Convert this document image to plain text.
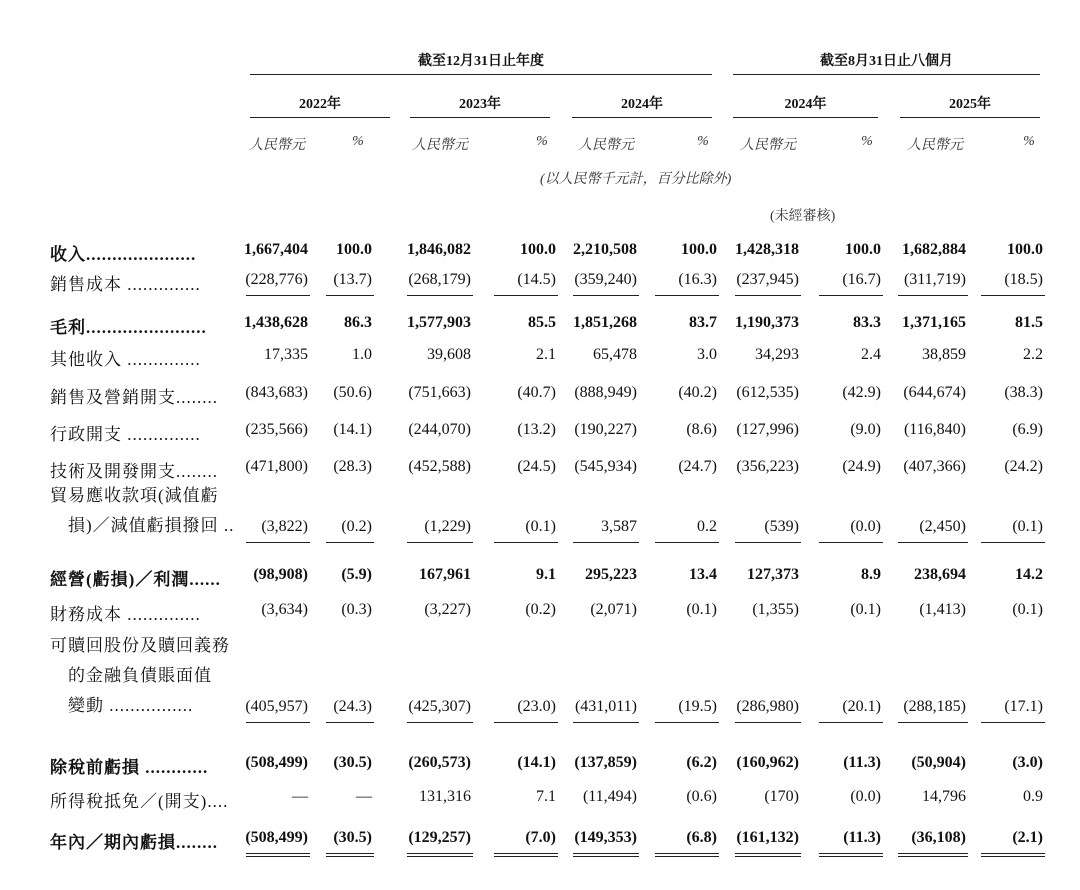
截至12月31日止年度	截至8月31日止八個月
2022年	2023年	2024年	2024年	2025年
人民幣元	%	人民幣元	%	人民幣元	%	人民幣元	%	人民幣元	%
(以人民幣千元計，百分比除外)
(未經審核)
收入.....................	1,667,404 100.0 1,846,082	100.0 2,210,508	100.0 1,428,318	100.0 1,682,884	100.0
銷售成本 ..............	(228,776) (13.7) (268,179)	(14.5) (359,240)	(16.3) (237,945)	(16.7) (311,719) (18.5)
毛利....................... 1,438,628 86.3 1,577,903	85.5 1,851,268	83.7 1,190,373	83.3 1,371,165	81.5
其他收入 ..............	17,335	1.0	39,608	2.1 65,478	3.0 34,293	2.4	38,859	2.2
銷售及營銷開支........ (843,683) (50.6) (751,663)	(40.7) (888,949)	(40.2) (612,535)	(42.9) (644,674) (38.3)
行政開支 ..............	(235,566) (14.1) (244,070)	(13.2) (190,227)	(8.6) (127,996)	(9.0) (116,840)	(6.9)
技術及開發開支........ (471,800) (28.3) (452,588)	(24.5) (545,934)	(24.7) (356,223)	(24.9) (407,366) (24.2)
貿易應收款項(減值虧
　損)／減值虧損撥回 .. (3,822) (0.2)	(1,229)	(0.1)	3,587	0.2	(539)	(0.0) (2,450)	(0.1)
經營(虧損)／利潤...... (98,908) (5.9)	167,961	9.1 295,223	13.4 127,373	8.9 238,694	14.2
財務成本 ..............	(3,634) (0.3)	(3,227)	(0.2) (2,071)	(0.1) (1,355)	(0.1) (1,413)	(0.1)
可贖回股份及贖回義務
　的金融負債賬面值
　變動 ................	(405,957) (24.3) (425,307)	(23.0) (431,011)	(19.5) (286,980)	(20.1) (288,185) (17.1)
除稅前虧損 ............ (508,499) (30.5) (260,573)	(14.1) (137,859)	(6.2) (160,962)	(11.3) (50,904)	(3.0)
所得稅抵免／(開支)....	—	—	131,316	7.1 (11,494)	(0.6)	(170)	(0.0)	14,796	0.9
年內／期內虧損........ (508,499) (30.5) (129,257)	(7.0) (149,353)	(6.8) (161,132)	(11.3) (36,108)	(2.1)
